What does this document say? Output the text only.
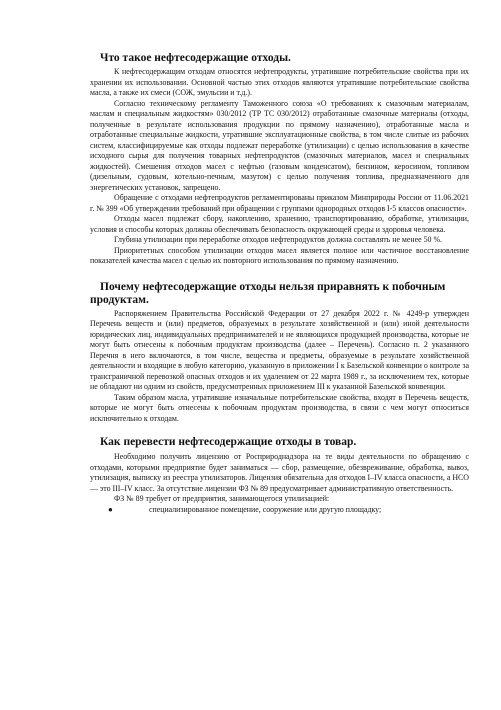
Что такое нефтесодержащие отходы.

К нефтесодержащим отходам относятся нефтепродукты, утратившие потребительские свойства при их хранении их использовании. Основной частью этих отходов являются утратившие потребительские свойства масла, а также их смеси (СОЖ, эмульсии и т.д.).

Согласно техническому регламенту Таможенного союза «О требованиях к смазочным материалам, маслам и специальным жидкостям» 030/2012 (ТР ТС 030/2012) отработанные смазочные материалы (отходы, полученные в результате использования продукции по прямому назначению), отработанные масла и отработанные специальные жидкости, утратившие эксплуатационные свойства, в том числе слитые из рабочих систем, классифицируемые как отходы подлежат переработке (утилизации) с целью использования в качестве исходного сырья для получения товарных нефтепродуктов (смазочных материалов, масел и специальных жидкостей). Смешения отходов масел с нефтью (газовым конденсатом), бензином, керосином, топливом (дизельным, судовым, котельно-печным, мазутом) с целью получения топлива, предназначенного для энергетических установок, запрещено.

Обращение с отходами нефтепродуктов регламентированы приказом Минприроды России от 11.06.2021 г. № 399 «Об утверждении требований при обращении с группами однородных отходов I-5 классов опасности».

Отходы масел подлежат сбору, накоплению, хранению, транспортированию, обработке, утилизации, условия и способы которых должны обеспечивать безопасность окружающей среды и здоровья человека.

Глубина утилизации при переработке отходов нефтепродуктов должна составлять не менее 50 %.

Приоритетных способом утилизации отходов масел является полное или частичное восстановление показателей качества масел с целью их повторного использования по прямому назначению.

Почему нефтесодержащие отходы нельзя приравнять к побочным продуктам.

Распоряжением Правительства Российской Федерации от 27 декабря 2022 г. № 4249-р утвержден Перечень веществ и (или) предметов, образуемых в результате хозяйственной и (или) иной деятельности юридических лиц, индивидуальных предпринимателей и не являющихся продукцией производства, которые не могут быть отнесены к побочным продуктам производства (далее – Перечень). Согласно п. 2 указанного Перечня в него включаются, в том числе, вещества и предметы, образуемые в результате хозяйственной деятельности и входящие в любую категорию, указанную в приложении I к Базельской конвенции о контроле за трансграничной перевозкой опасных отходов и их удалением от 22 марта 1989 г., за исключением тех, которые не обладают ни одним из свойств, предусмотренных приложением III к указанной Базельской конвенции.

Таким образом масла, утратившие изначальные потребительские свойства, входят в Перечень веществ, которые не могут быть отнесены к побочным продуктам производства, в связи с чем могут относиться исключительно к отходам.

Как перевести нефтесодержащие отходы в товар.

Необходимо получить лицензию от Росприроднадзора на те виды деятельности по обращению с отходами, которыми предприятие будет заниматься — сбор, размещение, обезвреживание, обработка, вывоз, утилизация, выписку из реестра утилизаторов. Лицензия обязательна для отходов I–IV класса опасности, а НСО — это III–IV класс. За отсутствие лицензии ФЗ № 89 предусматривает административную ответственность.

ФЗ № 89 требует от предприятия, занимающегося утилизацией:

●	специализированное помещение, сооружение или другую площадку;
